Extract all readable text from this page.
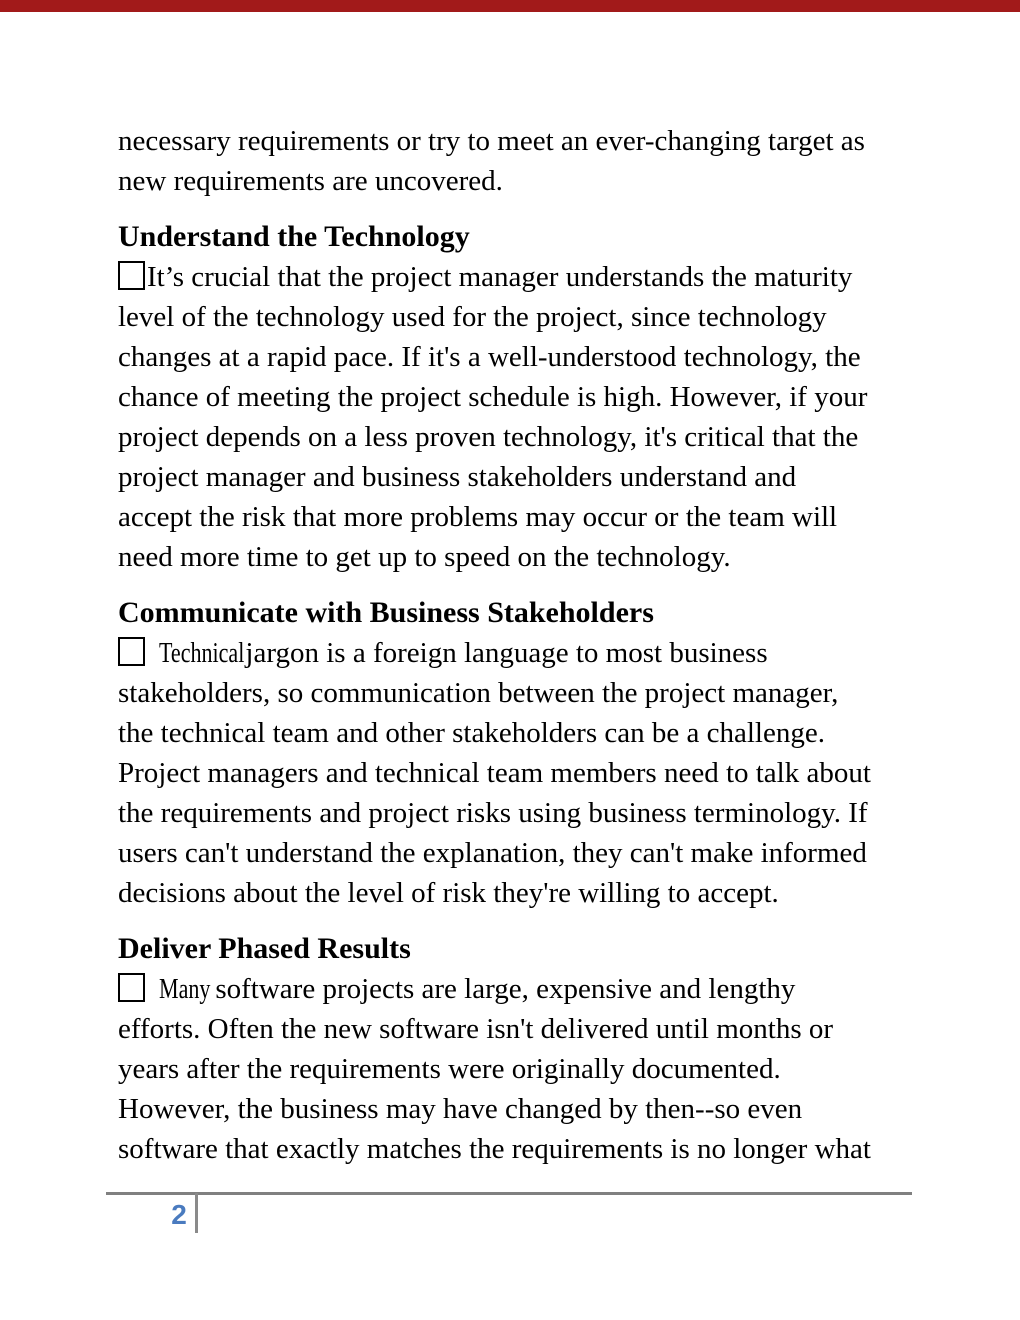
necessary requirements or try to meet an ever-changing target as
new requirements are uncovered.
Understand the Technology
It’s crucial that the project manager understands the maturity
level of the technology used for the project, since technology
changes at a rapid pace. If it's a well-understood technology, the
chance of meeting the project schedule is high. However, if your
project depends on a less proven technology, it's critical that the
project manager and business stakeholders understand and
accept the risk that more problems may occur or the team will
need more time to get up to speed on the technology.
Communicate with Business Stakeholders
Technicaljargon is a foreign language to most business
stakeholders, so communication between the project manager,
the technical team and other stakeholders can be a challenge.
Project managers and technical team members need to talk about
the requirements and project risks using business terminology. If
users can't understand the explanation, they can't make informed
decisions about the level of risk they're willing to accept.
Deliver Phased Results
Many software projects are large, expensive and lengthy
efforts. Often the new software isn't delivered until months or
years after the requirements were originally documented.
However, the business may have changed by then--so even
software that exactly matches the requirements is no longer what
2
